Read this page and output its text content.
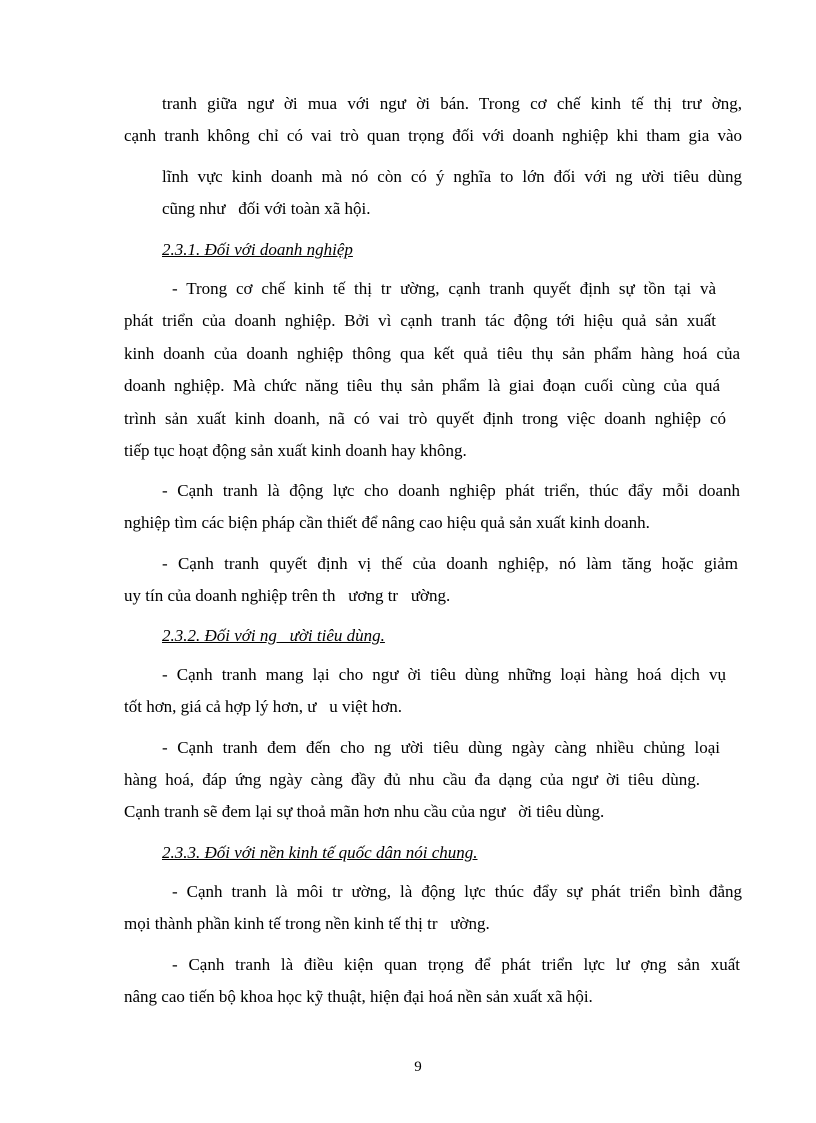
tranh giữa ngư ời mua với ngư ời bán. Trong cơ chế kinh tế thị trư ờng,
cạnh tranh không chỉ có vai trò quan trọng đối với doanh nghiệp khi tham gia vào
lĩnh vực kinh doanh mà nó còn có ý nghĩa to lớn đối với ng ười tiêu dùng
cũng như   đối với toàn xã hội.
2.3.1. Đối với doanh nghiệp
- Trong cơ chế kinh tế thị tr ường, cạnh tranh quyết định sự tồn tại và
phát triển của doanh nghiệp. Bởi vì cạnh tranh tác động tới hiệu quả sản xuất
kinh doanh của doanh nghiệp thông qua kết quả tiêu thụ sản phẩm hàng hoá của
doanh nghiệp. Mà chức năng tiêu thụ sản phẩm là giai đoạn cuối cùng của quá
trình sản xuất kinh doanh, nã có vai trò quyết định trong việc doanh nghiệp có
tiếp tục hoạt động sản xuất kinh doanh hay không.
- Cạnh tranh là động lực cho doanh nghiệp phát triển, thúc đẩy mỗi doanh
nghiệp tìm các biện pháp cần thiết để nâng cao hiệu quả sản xuất kinh doanh.
- Cạnh tranh quyết định vị thế của doanh nghiệp, nó làm tăng hoặc giảm
uy tín của doanh nghiệp trên th   ương tr   ường.
2.3.2. Đối với ng   ười tiêu dùng.
- Cạnh tranh mang lại cho ngư ời tiêu dùng những loại hàng hoá dịch vụ
tốt hơn, giá cả hợp lý hơn, ư   u việt hơn.
- Cạnh tranh đem đến cho ng ười tiêu dùng ngày càng nhiều chủng loại
hàng hoá, đáp ứng ngày càng đầy đủ nhu cầu đa dạng của ngư ời tiêu dùng.
Cạnh tranh sẽ đem lại sự thoả mãn hơn nhu cầu của ngư   ời tiêu dùng.
2.3.3. Đối với nền kinh tế quốc dân nói chung.
- Cạnh tranh là môi tr ường, là động lực thúc đẩy sự phát triển bình đẳng
mọi thành phần kinh tế trong nền kinh tế thị tr   ường.
- Cạnh tranh là điều kiện quan trọng để phát triển lực lư ợng sản xuất
nâng cao tiến bộ khoa học kỹ thuật, hiện đại hoá nền sản xuất xã hội.
9
